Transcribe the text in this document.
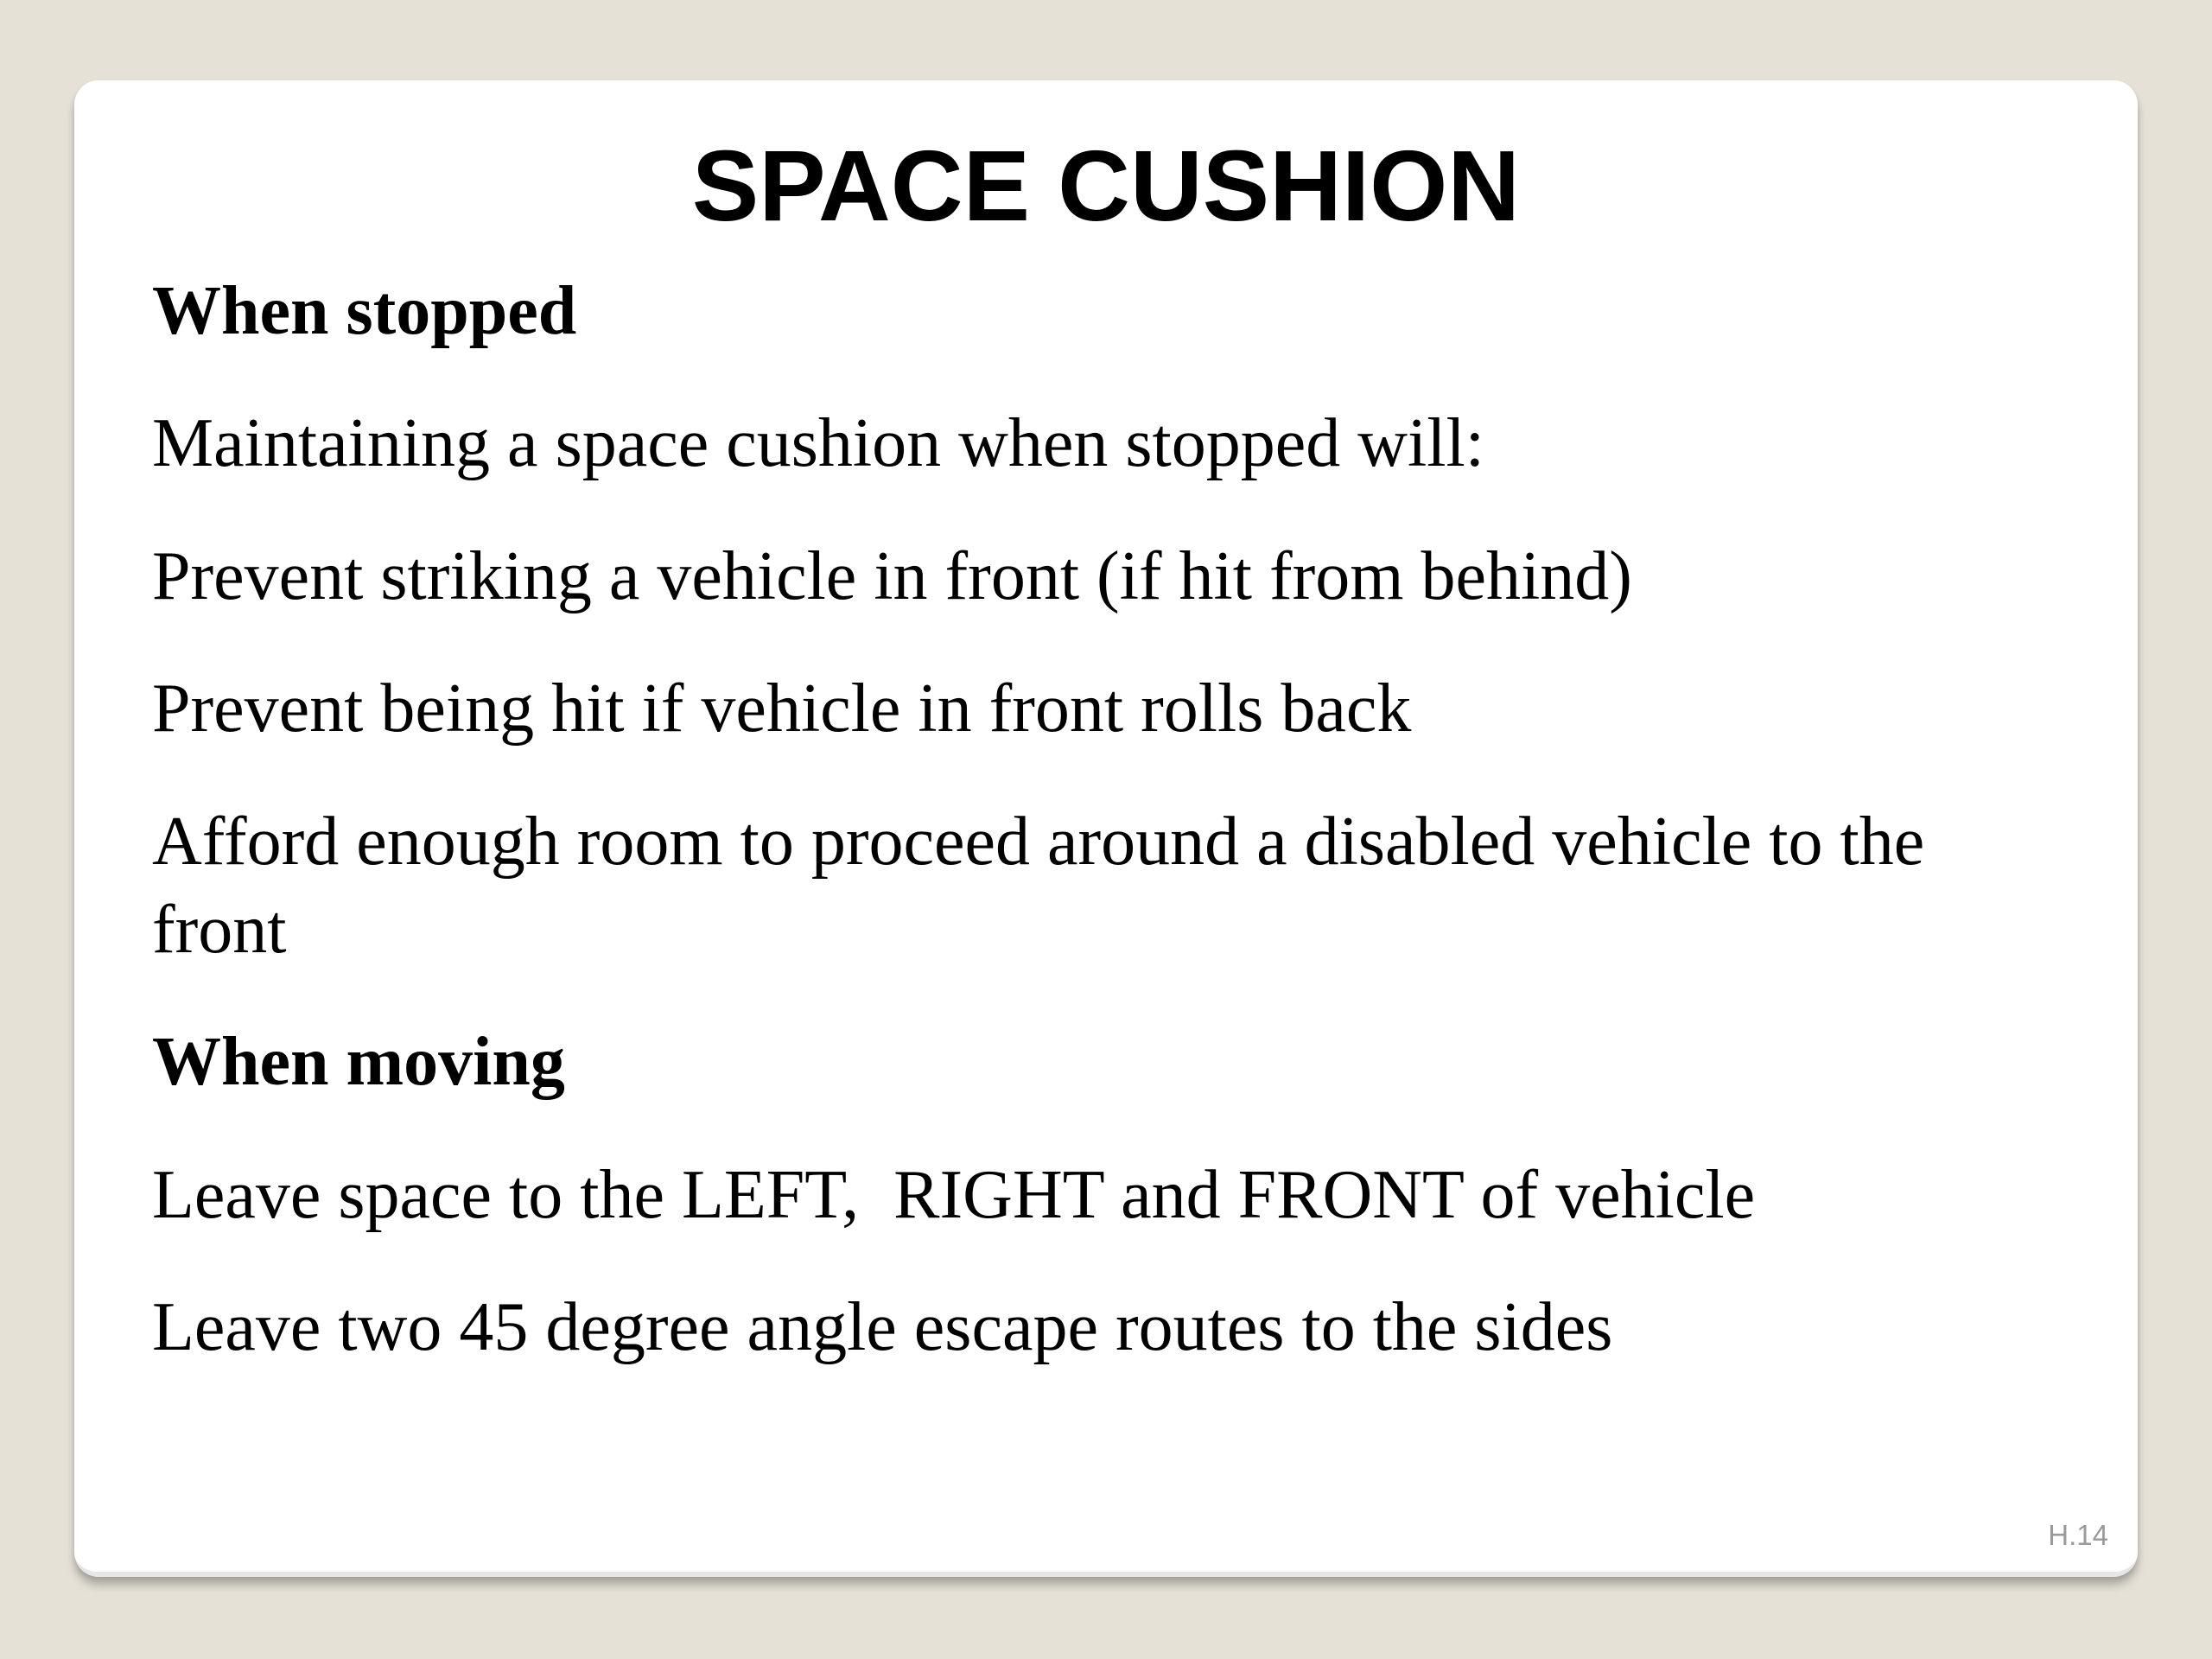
SPACE CUSHION

When stopped

Maintaining a space cushion when stopped will:

Prevent striking a vehicle in front (if hit from behind)

Prevent being hit if vehicle in front rolls back

Afford enough room to proceed around a disabled vehicle to the front

When moving

Leave space to the LEFT,  RIGHT and FRONT of vehicle

Leave two 45 degree angle escape routes to the sides

H.14
